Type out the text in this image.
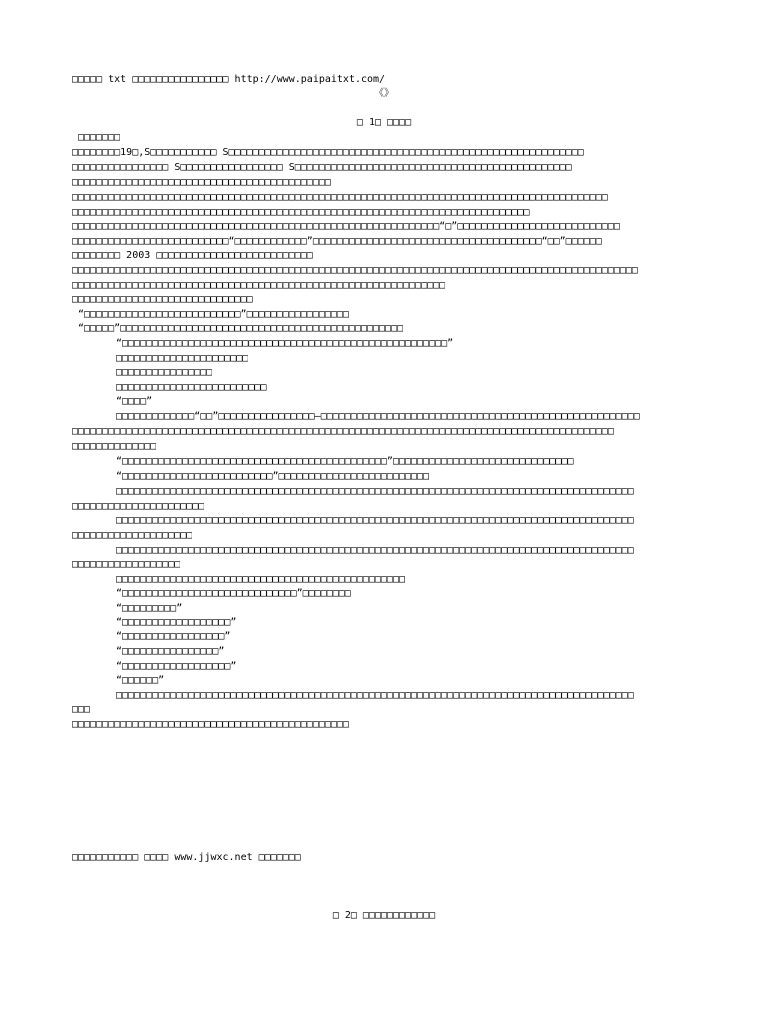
□□□□□ txt □□□□□□□□□□□□□□□□ http://www.paipaitxt.com/
《》
□ 1□ □□□□
□□□□□□□
□□□□□□□□19□,S□□□□□□□□□□□ S□□□□□□□□□□□□□□□□□□□□□□□□□□□□□□□□□□□□□□□□□□□□□□□□□□□□□□□□□□□
□□□□□□□□□□□□□□□□ S□□□□□□□□□□□□□□□□□ S□□□□□□□□□□□□□□□□□□□□□□□□□□□□□□□□□□□□□□□□□□□□□□
□□□□□□□□□□□□□□□□□□□□□□□□□□□□□□□□□□□□□□□□□□□
□□□□□□□□□□□□□□□□□□□□□□□□□□□□□□□□□□□□□□□□□□□□□□□□□□□□□□□□□□□□□□□□□□□□□□□□□□□□□□□□□□□□□□□□□
□□□□□□□□□□□□□□□□□□□□□□□□□□□□□□□□□□□□□□□□□□□□□□□□□□□□□□□□□□□□□□□□□□□□□□□□□□□□
□□□□□□□□□□□□□□□□□□□□□□□□□□□□□□□□□□□□□□□□□□□□□□□□□□□□□□□□□□□□□“□”□□□□□□□□□□□□□□□□□□□□□□□□□□□
□□□□□□□□□□□□□□□□□□□□□□□□□□“□□□□□□□□□□□□”□□□□□□□□□□□□□□□□□□□□□□□□□□□□□□□□□□□□□□“□□”□□□□□□
□□□□□□□□ 2003 □□□□□□□□□□□□□□□□□□□□□□□□□□
□□□□□□□□□□□□□□□□□□□□□□□□□□□□□□□□□□□□□□□□□□□□□□□□□□□□□□□□□□□□□□□□□□□□□□□□□□□□□□□□□□□□□□□□□□□□□□
□□□□□□□□□□□□□□□□□□□□□□□□□□□□□□□□□□□□□□□□□□□□□□□□□□□□□□□□□□□□□□
□□□□□□□□□□□□□□□□□□□□□□□□□□□□□□
“□□□□□□□□□□□□□□□□□□□□□□□□□□”□□□□□□□□□□□□□□□□□
“□□□□□”□□□□□□□□□□□□□□□□□□□□□□□□□□□□□□□□□□□□□□□□□□□□□□□
“□□□□□□□□□□□□□□□□□□□□□□□□□□□□□□□□□□□□□□□□□□□□□□□□□□□□□□”
□□□□□□□□□□□□□□□□□□□□□□
□□□□□□□□□□□□□□□□
□□□□□□□□□□□□□□□□□□□□□□□□□
“□□□□”
□□□□□□□□□□□□□“□□”□□□□□□□□□□□□□□□□—□□□□□□□□□□□□□□□□□□□□□□□□□□□□□□□□□□□□□□□□□□□□□□□□□□□□□
□□□□□□□□□□□□□□□□□□□□□□□□□□□□□□□□□□□□□□□□□□□□□□□□□□□□□□□□□□□□□□□□□□□□□□□□□□□□□□□□□□□□□□□□□□
□□□□□□□□□□□□□□
“□□□□□□□□□□□□□□□□□□□□□□□□□□□□□□□□□□□□□□□□□□□□”□□□□□□□□□□□□□□□□□□□□□□□□□□□□□□
“□□□□□□□□□□□□□□□□□□□□□□□□□”□□□□□□□□□□□□□□□□□□□□□□□□□
□□□□□□□□□□□□□□□□□□□□□□□□□□□□□□□□□□□□□□□□□□□□□□□□□□□□□□□□□□□□□□□□□□□□□□□□□□□□□□□□□□□□□□
□□□□□□□□□□□□□□□□□□□□□□
□□□□□□□□□□□□□□□□□□□□□□□□□□□□□□□□□□□□□□□□□□□□□□□□□□□□□□□□□□□□□□□□□□□□□□□□□□□□□□□□□□□□□□
□□□□□□□□□□□□□□□□□□□□
□□□□□□□□□□□□□□□□□□□□□□□□□□□□□□□□□□□□□□□□□□□□□□□□□□□□□□□□□□□□□□□□□□□□□□□□□□□□□□□□□□□□□□
□□□□□□□□□□□□□□□□□□
□□□□□□□□□□□□□□□□□□□□□□□□□□□□□□□□□□□□□□□□□□□□□□□□
“□□□□□□□□□□□□□□□□□□□□□□□□□□□□□”□□□□□□□□
“□□□□□□□□□”
“□□□□□□□□□□□□□□□□□□”
“□□□□□□□□□□□□□□□□□”
“□□□□□□□□□□□□□□□□”
“□□□□□□□□□□□□□□□□□□”
“□□□□□□”
□□□□□□□□□□□□□□□□□□□□□□□□□□□□□□□□□□□□□□□□□□□□□□□□□□□□□□□□□□□□□□□□□□□□□□□□□□□□□□□□□□□□□□
□□□
□□□□□□□□□□□□□□□□□□□□□□□□□□□□□□□□□□□□□□□□□□□□□□
□□□□□□□□□□□ □□□□ www.jjwxc.net □□□□□□□
□ 2□ □□□□□□□□□□□□
